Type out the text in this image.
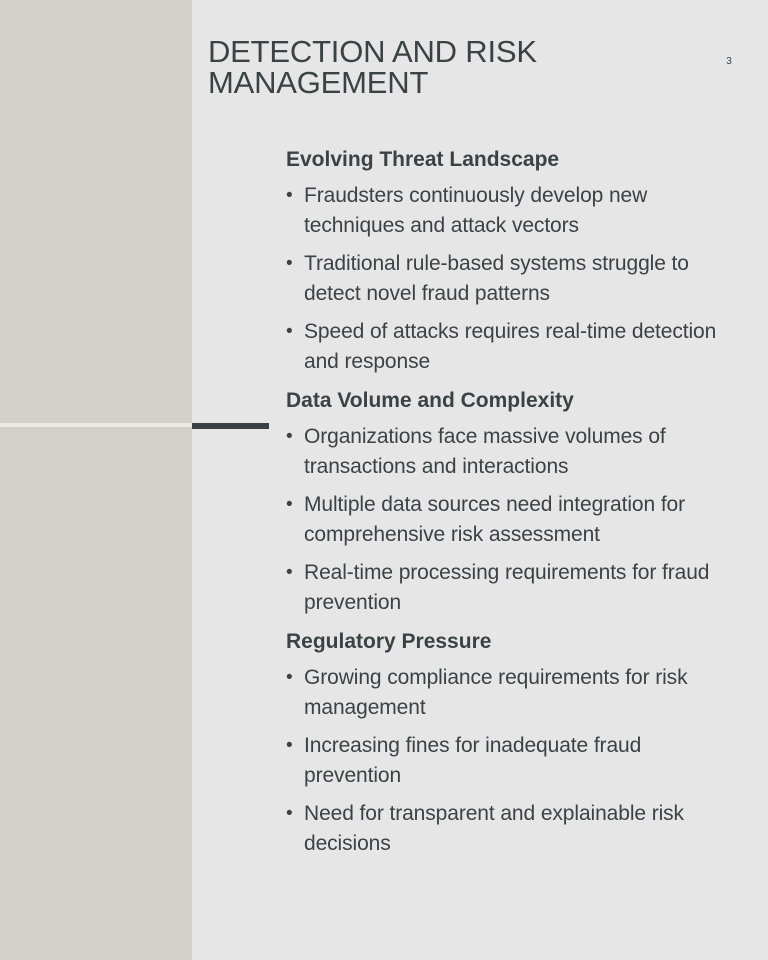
DETECTION AND RISK MANAGEMENT
3
Evolving Threat Landscape
• Fraudsters continuously develop new techniques and attack vectors
• Traditional rule-based systems struggle to detect novel fraud patterns
• Speed of attacks requires real-time detection and response
Data Volume and Complexity
• Organizations face massive volumes of transactions and interactions
• Multiple data sources need integration for comprehensive risk assessment
• Real-time processing requirements for fraud prevention
Regulatory Pressure
• Growing compliance requirements for risk management
• Increasing fines for inadequate fraud prevention
• Need for transparent and explainable risk decisions
